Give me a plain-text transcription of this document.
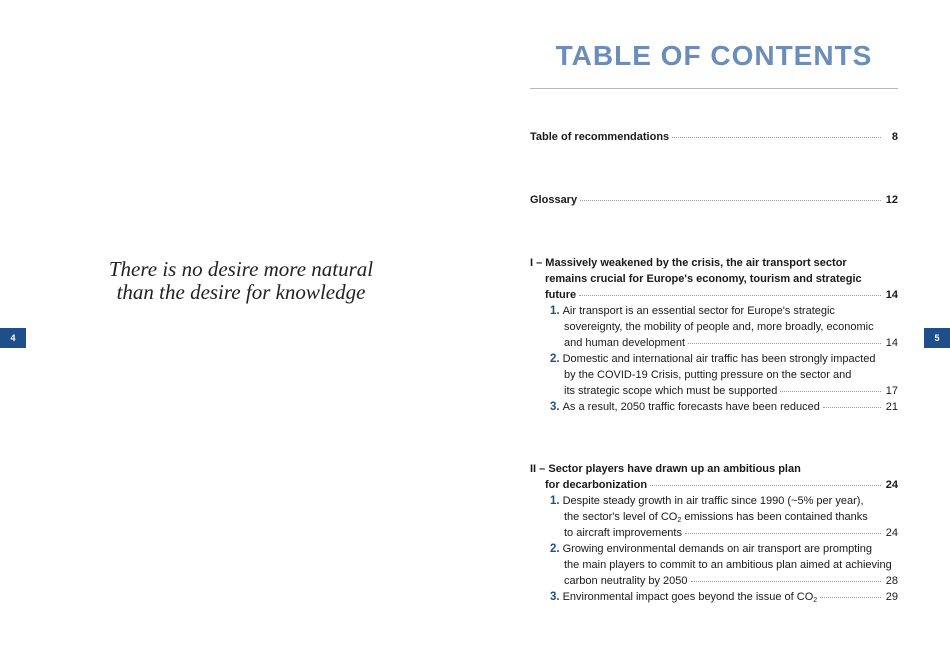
There is no desire more natural
than the desire for knowledge
4	5
TABLE OF CONTENTS
Table of recommendations	8
Glossary	12
I – Massively weakened by the crisis, the air transport sector
remains crucial for Europe's economy, tourism and strategic
future	14
1. Air transport is an essential sector for Europe's strategic
sovereignty, the mobility of people and, more broadly, economic
and human development	14
2. Domestic and international air traffic has been strongly impacted
by the COVID-19 Crisis, putting pressure on the sector and
its strategic scope which must be supported	17
3. As a result, 2050 traffic forecasts have been reduced	21
II – Sector players have drawn up an ambitious plan
for decarbonization	24
1. Despite steady growth in air traffic since 1990 (~5% per year),
the sector's level of $CO_2$ emissions has been contained thanks
to aircraft improvements	24
2. Growing environmental demands on air transport are prompting
the main players to commit to an ambitious plan aimed at achieving
carbon neutrality by 2050	28
3. Environmental impact goes beyond the issue of $CO_2$	29
